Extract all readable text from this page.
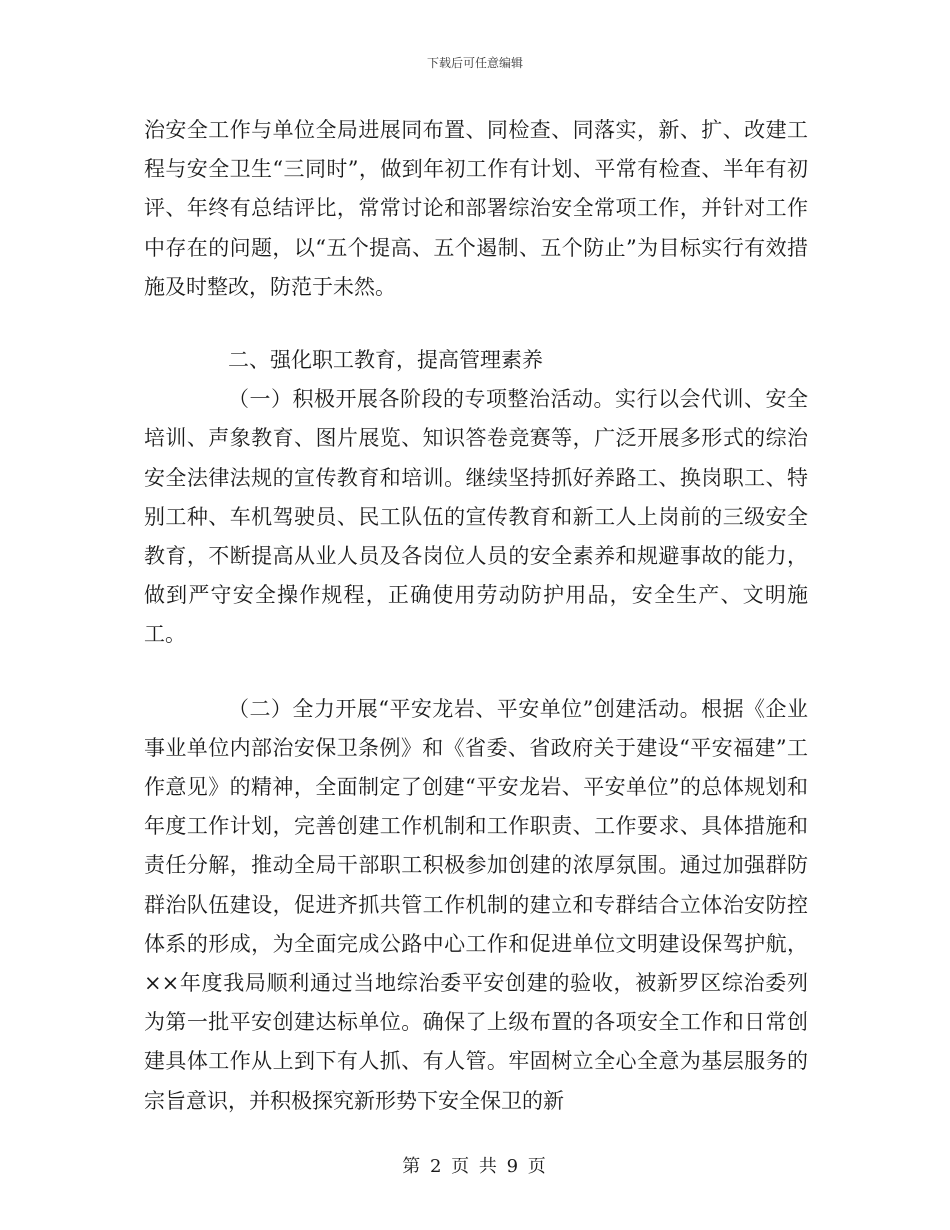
下载后可任意编辑

治安全工作与单位全局进展同布置、同检查、同落实，新、扩、改建工程与安全卫生“三同时”，做到年初工作有计划、平常有检查、半年有初评、年终有总结评比，常常讨论和部署综治安全常项工作，并针对工作中存在的问题，以“五个提高、五个遏制、五个防止”为目标实行有效措施及时整改，防范于未然。

二、强化职工教育，提高管理素养

（一）积极开展各阶段的专项整治活动。实行以会代训、安全培训、声象教育、图片展览、知识答卷竞赛等，广泛开展多形式的综治安全法律法规的宣传教育和培训。继续坚持抓好养路工、换岗职工、特别工种、车机驾驶员、民工队伍的宣传教育和新工人上岗前的三级安全教育，不断提高从业人员及各岗位人员的安全素养和规避事故的能力，做到严守安全操作规程，正确使用劳动防护用品，安全生产、文明施工。

（二）全力开展“平安龙岩、平安单位”创建活动。根据《企业事业单位内部治安保卫条例》和《省委、省政府关于建设“平安福建”工作意见》的精神，全面制定了创建“平安龙岩、平安单位”的总体规划和年度工作计划，完善创建工作机制和工作职责、工作要求、具体措施和责任分解，推动全局干部职工积极参加创建的浓厚氛围。通过加强群防群治队伍建设，促进齐抓共管工作机制的建立和专群结合立体治安防控体系的形成，为全面完成公路中心工作和促进单位文明建设保驾护航，××年度我局顺利通过当地综治委平安创建的验收，被新罗区综治委列为第一批平安创建达标单位。确保了上级布置的各项安全工作和日常创建具体工作从上到下有人抓、有人管。牢固树立全心全意为基层服务的宗旨意识，并积极探究新形势下安全保卫的新

第 2 页 共 9 页
